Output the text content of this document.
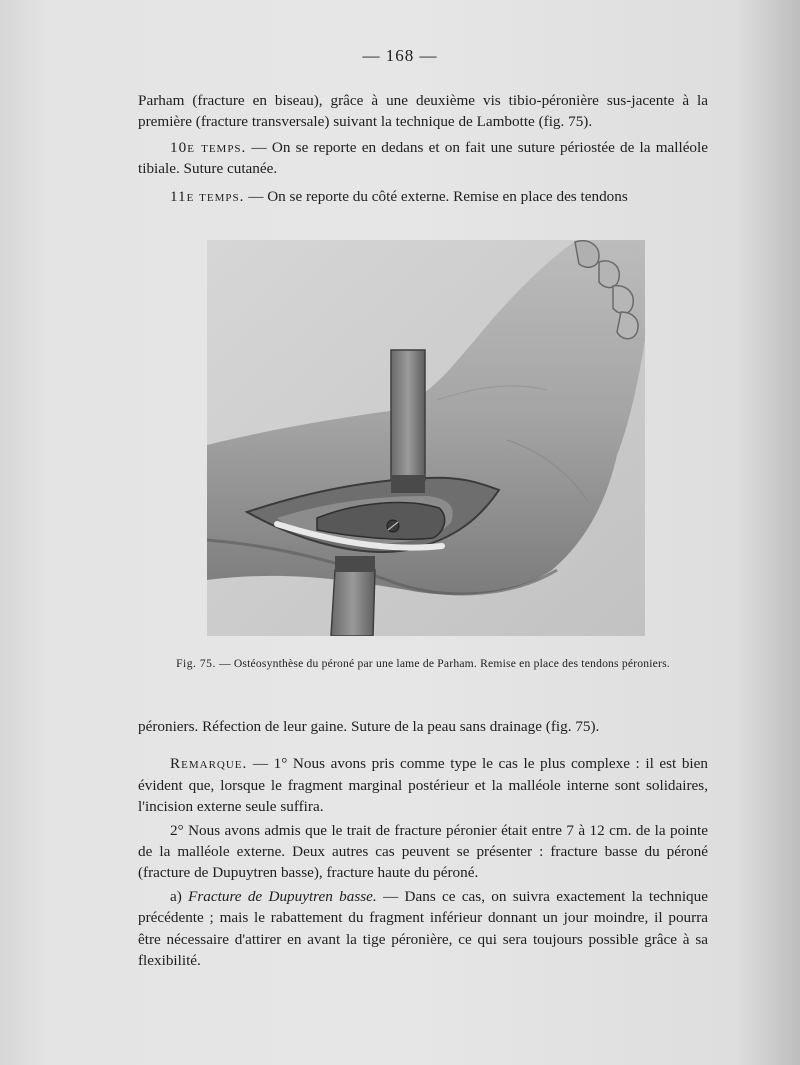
— 168 —

Parham (fracture en biseau), grâce à une deuxième vis tibio-péronière sus-jacente à la première (fracture transversale) suivant la technique de Lambotte (fig. 75).

10e temps. — On se reporte en dedans et on fait une suture périostée de la malléole tibiale. Suture cutanée.

11e temps. — On se reporte du côté externe. Remise en place des tendons

Fig. 75. — Ostéosynthèse du péroné par une lame de Parham. Remise en place des tendons péroniers.

péroniers. Réfection de leur gaine. Suture de la peau sans drainage (fig. 75).

Remarque. — 1° Nous avons pris comme type le cas le plus complexe : il est bien évident que, lorsque le fragment marginal postérieur et la malléole interne sont solidaires, l'incision externe seule suffira.

2° Nous avons admis que le trait de fracture péronier était entre 7 à 12 cm. de la pointe de la malléole externe. Deux autres cas peuvent se présenter : fracture basse du péroné (fracture de Dupuytren basse), fracture haute du péroné.

a) Fracture de Dupuytren basse. — Dans ce cas, on suivra exactement la technique précédente ; mais le rabattement du fragment inférieur donnant un jour moindre, il pourra être nécessaire d'attirer en avant la tige péronière, ce qui sera toujours possible grâce à sa flexibilité.
